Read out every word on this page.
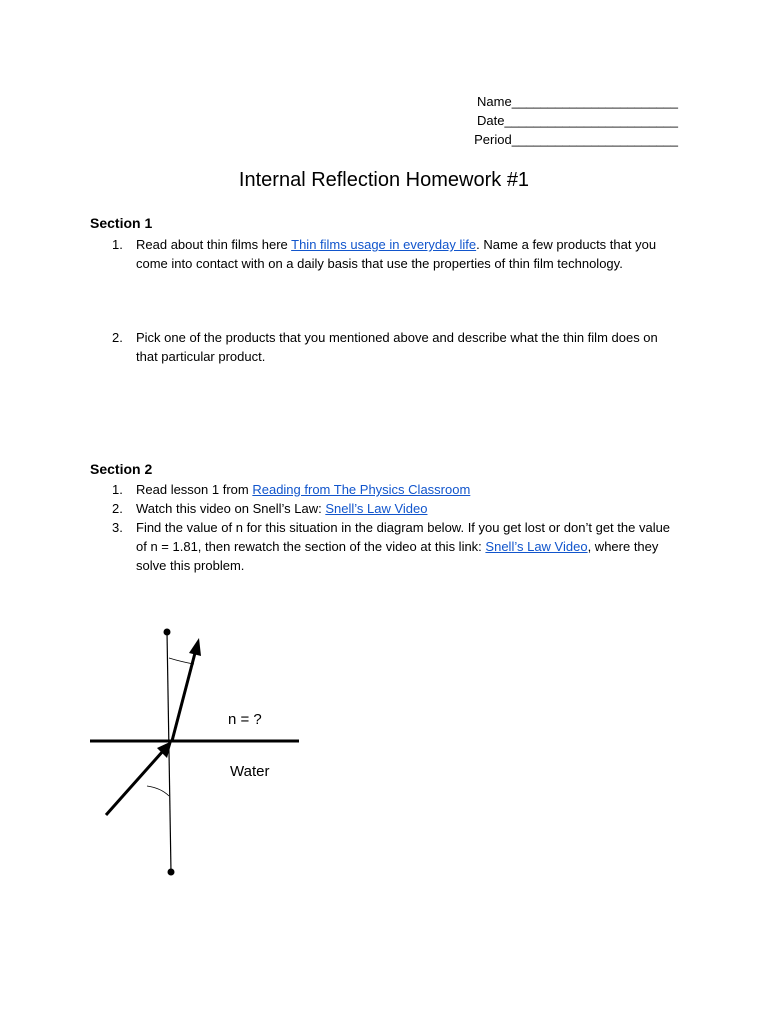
Name_______________________
Date________________________
Period_______________________
Internal Reflection Homework #1
Section 1
1. Read about thin films here Thin films usage in everyday life. Name a few products that you come into contact with on a daily basis that use the properties of thin film technology.
2. Pick one of the products that you mentioned above and describe what the thin film does on that particular product.
Section 2
1. Read lesson 1 from Reading from The Physics Classroom
2. Watch this video on Snell’s Law: Snell’s Law Video
3. Find the value of n for this situation in the diagram below. If you get lost or don’t get the value of n = 1.81, then rewatch the section of the video at this link: Snell’s Law Video, where they solve this problem.
n = ?
Water
